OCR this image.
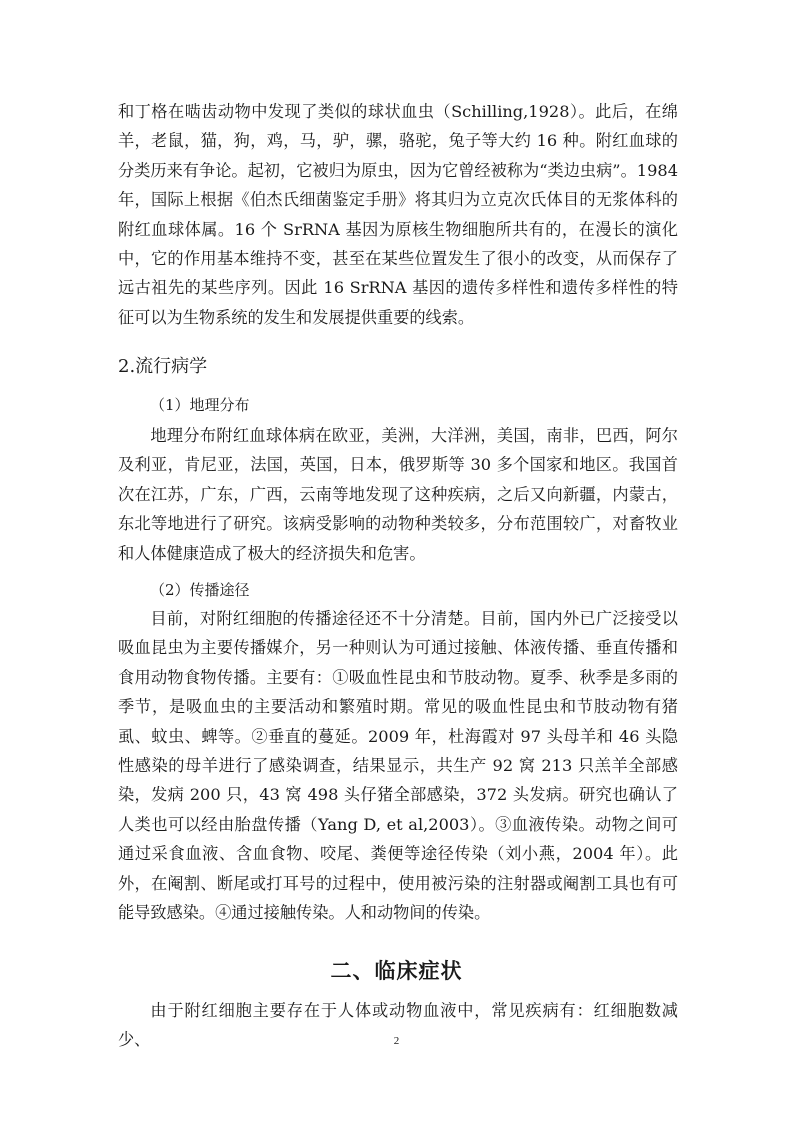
和丁格在啮齿动物中发现了类似的球状血虫（Schilling,1928）。此后，在绵羊，老鼠，猫，狗，鸡，马，驴，骡，骆驼，兔子等大约 16 种。附红血球的分类历来有争论。起初，它被归为原虫，因为它曾经被称为“类边虫病”。1984 年，国际上根据《伯杰氏细菌鉴定手册》将其归为立克次氏体目的无浆体科的附红血球体属。16 个 SrRNA 基因为原核生物细胞所共有的，在漫长的演化中，它的作用基本维持不变，甚至在某些位置发生了很小的改变，从而保存了远古祖先的某些序列。因此 16 SrRNA 基因的遗传多样性和遗传多样性的特征可以为生物系统的发生和发展提供重要的线索。

2.流行病学
（1）地理分布

地理分布附红血球体病在欧亚，美洲，大洋洲，美国，南非，巴西，阿尔及利亚，肯尼亚，法国，英国，日本，俄罗斯等 30 多个国家和地区。我国首次在江苏，广东，广西，云南等地发现了这种疾病，之后又向新疆，内蒙古，东北等地进行了研究。该病受影响的动物种类较多，分布范围较广，对畜牧业和人体健康造成了极大的经济损失和危害。

（2）传播途径

目前，对附红细胞的传播途径还不十分清楚。目前，国内外已广泛接受以吸血昆虫为主要传播媒介，另一种则认为可通过接触、体液传播、垂直传播和食用动物食物传播。主要有：①吸血性昆虫和节肢动物。夏季、秋季是多雨的季节，是吸血虫的主要活动和繁殖时期。常见的吸血性昆虫和节肢动物有猪虱、蚊虫、蜱等。②垂直的蔓延。2009 年，杜海霞对 97 头母羊和 46 头隐性感染的母羊进行了感染调查，结果显示，共生产 92 窝 213 只羔羊全部感染，发病 200 只，43 窝 498 头仔猪全部感染，372 头发病。研究也确认了人类也可以经由胎盘传播（Yang D, et al,2003）。③血液传染。动物之间可通过采食血液、含血食物、咬尾、粪便等途径传染（刘小燕，2004 年）。此外，在阉割、断尾或打耳号的过程中，使用被污染的注射器或阉割工具也有可能导致感染。④通过接触传染。人和动物间的传染。

二、临床症状

由于附红细胞主要存在于人体或动物血液中，常见疾病有：红细胞数减少、	2
